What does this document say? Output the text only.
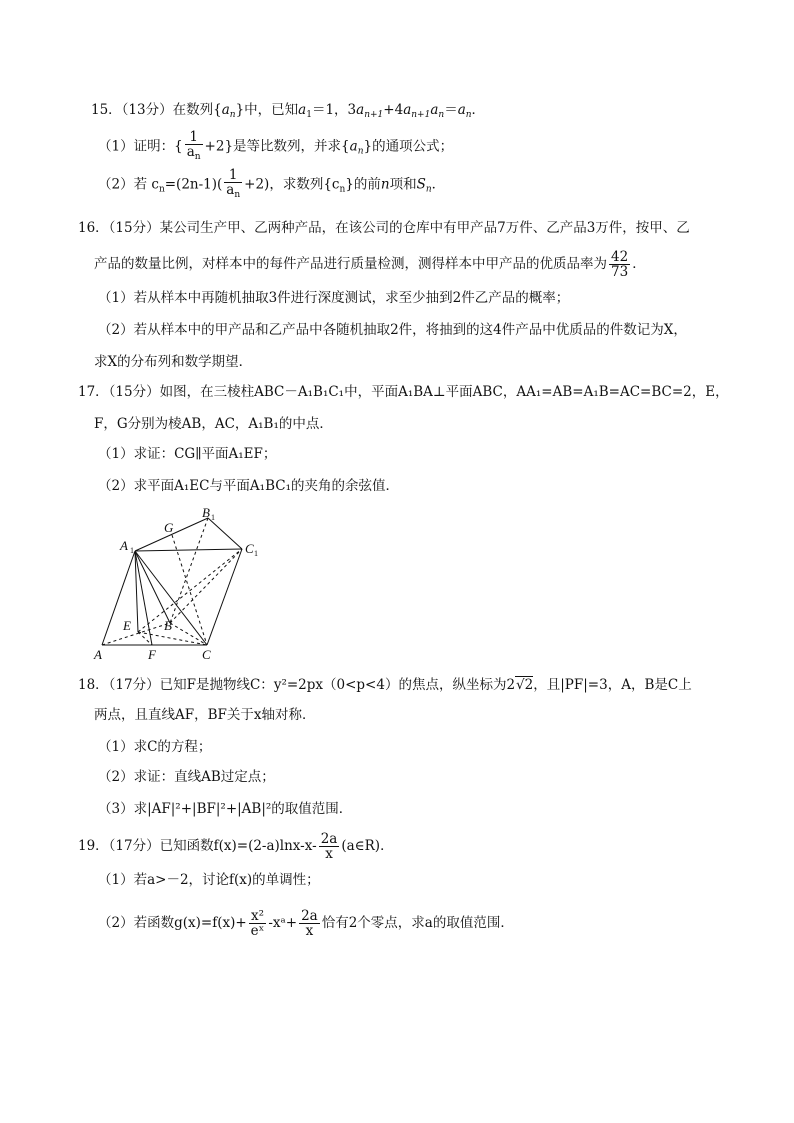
15．（13分）在数列$\{a_n\}$中，已知$a_1=1$，$3a_{n+1}+4a_{n+1}a_n=a_n$．
（1）证明：{ $\frac{1}{a_n} +2$}是等比数列，并求$\{a_n\}$的通项公式；
（2）若 $c_n=(2n-1)( \frac{1}{a_n} +2)$，求数列$\{c_n\}$的前n项和$S_n$．
16．（15分）某公司生产甲、乙两种产品，在该公司的仓库中有甲产品7万件、乙产品3万件，按甲、乙
产品的数量比例，对样本中的每件产品进行质量检测，测得样本中甲产品的优质品率为 $\frac{42}{73}$ ．
（1）若从样本中再随机抽取3件进行深度测试，求至少抽到2件乙产品的概率；
（2）若从样本中的甲产品和乙产品中各随机抽取2件，将抽到的这4件产品中优质品的件数记为X，
求X的分布列和数学期望．
17．（15分）如图，在三棱柱ABC－A₁B₁C₁中，平面A₁BA⊥平面ABC，AA₁=AB=A₁B=AC=BC=2，E，
F，G分别为棱AB，AC，A₁B₁的中点．
（1）求证：CG∥平面A₁EF；
（2）求平面A₁EC与平面A₁BC₁的夹角的余弦值．
A	F	C
E	B
A 1
G
B 1
C 1
18．（17分）已知F是抛物线C：y²=2px（0<p<4）的焦点，纵坐标为2√2，且|PF|=3，A，B是C上
两点，且直线AF，BF关于x轴对称．
（1）求C的方程；
（2）求证：直线AB过定点；
（3）求|AF|²+|BF|²+|AB|²的取值范围．
19．（17分）已知函数$f(x)=(2-a)\ln x-x- \frac{2a}{x}$ (a∈R)．
（1）若a>－2，讨论f(x)的单调性；
（2）若函数$g(x)=f(x)+ \frac{\text{x²}}{\text{eˣ}}$ -xᵃ+ $\frac{2a}{x}$ 恰有2个零点，求a的取值范围．
